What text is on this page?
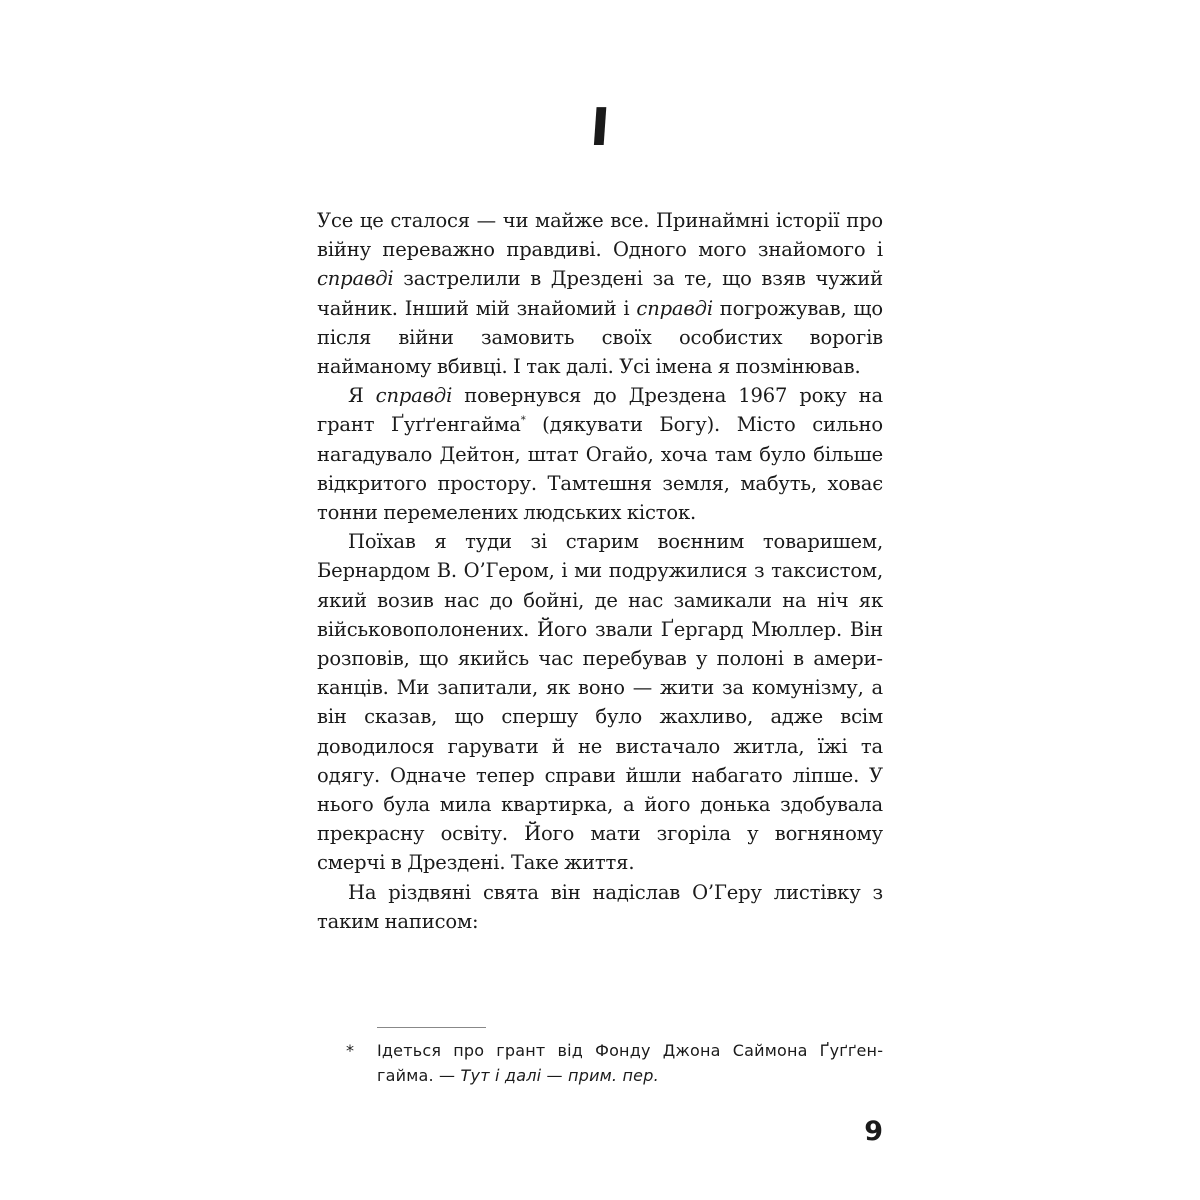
I

Усе це сталося — чи майже все. Принаймні історії про війну переважно правдиві. Одного мого знайомого і справді застрелили в Дрездені за те, що взяв чужий чайник. Інший мій знайомий і справді погрожував, що після війни замовить своїх особистих ворогів найманому вбивці. І так далі. Усі імена я позмінював.

Я справді повернувся до Дрездена 1967 року на грант Ґуґґенгайма* (дякувати Богу). Місто сильно нагадувало Дейтон, штат Огайо, хоча там було більше відкритого простору. Тамтешня земля, мабуть, ховає тонни перемелених людських кісток.

Поїхав я туди зі старим воєнним товаришем, Бернардом В. О’Гером, і ми подружилися з таксистом, який возив нас до бойні, де нас замикали на ніч як військовополонених. Його звали Ґергард Мюллер. Він розповів, що якийсь час перебував у полоні в американців. Ми запитали, як воно — жити за комунізму, а він сказав, що спершу було жахливо, адже всім доводилося гарувати й не вистачало житла, їжі та одягу. Одначе тепер справи йшли набагато ліпше. У нього була мила квартирка, а його донька здобувала прекрасну освіту. Його мати згоріла у вогняному смерчі в Дрездені. Таке життя.

На різдвяні свята він надіслав О’Геру листівку з таким написом:

* Ідеться про грант від Фонду Джона Саймона Ґуґґенгайма. — Тут і далі — прим. пер.
9
